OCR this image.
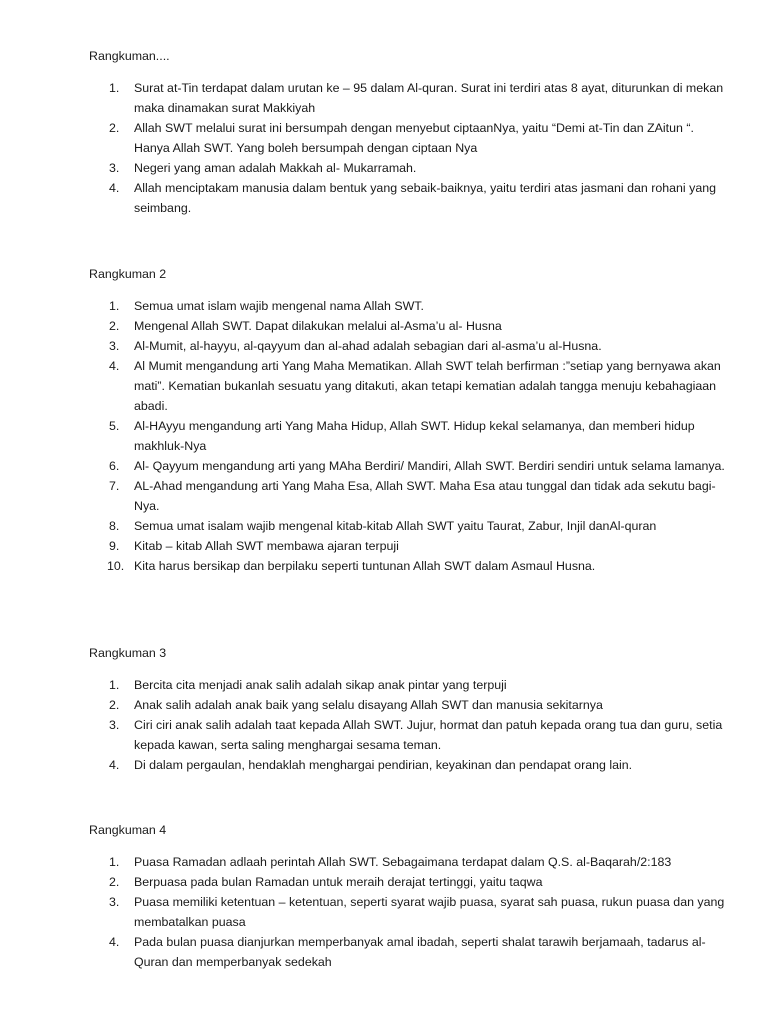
Rangkuman....
1.	Surat at-Tin terdapat dalam urutan ke – 95 dalam Al-quran. Surat ini terdiri atas 8 ayat, diturunkan di mekan maka dinamakan surat Makkiyah
2.	Allah SWT melalui surat ini bersumpah dengan menyebut ciptaanNya, yaitu “Demi at-Tin dan ZAitun “. Hanya Allah SWT. Yang boleh bersumpah dengan ciptaan Nya
3.	Negeri yang aman adalah Makkah al- Mukarramah.
4.	Allah menciptakam manusia dalam bentuk yang sebaik-baiknya, yaitu terdiri atas jasmani dan rohani yang seimbang.
Rangkuman 2
1.	Semua umat islam wajib mengenal nama Allah SWT.
2.	Mengenal Allah SWT. Dapat dilakukan melalui al-Asma’u al- Husna
3.	Al-Mumit, al-hayyu, al-qayyum dan al-ahad adalah sebagian dari al-asma’u al-Husna.
4.	Al Mumit mengandung arti Yang Maha Mematikan. Allah SWT telah berfirman :”setiap yang bernyawa akan mati”. Kematian bukanlah sesuatu yang ditakuti, akan tetapi kematian adalah tangga menuju kebahagiaan abadi.
5.	Al-HAyyu mengandung arti Yang Maha Hidup, Allah SWT. Hidup kekal selamanya, dan memberi hidup makhluk-Nya
6.	Al- Qayyum mengandung arti yang MAha Berdiri/ Mandiri, Allah SWT. Berdiri sendiri untuk selama lamanya.
7.	AL-Ahad mengandung arti Yang Maha Esa, Allah SWT. Maha Esa atau tunggal dan tidak ada sekutu bagi-Nya.
8.	Semua umat isalam wajib mengenal kitab-kitab Allah SWT yaitu Taurat, Zabur, Injil danAl-quran
9.	Kitab – kitab Allah SWT membawa ajaran terpuji
10. Kita harus bersikap dan berpilaku seperti tuntunan Allah SWT dalam Asmaul Husna.
Rangkuman 3
1.	Bercita cita menjadi anak salih adalah sikap anak pintar yang terpuji
2.	Anak salih adalah anak baik yang selalu disayang Allah SWT dan manusia sekitarnya
3.	Ciri ciri anak salih adalah taat kepada Allah SWT. Jujur, hormat dan patuh kepada orang tua dan guru, setia kepada kawan, serta saling menghargai sesama teman.
4.	Di dalam pergaulan, hendaklah menghargai pendirian, keyakinan dan pendapat orang lain.
Rangkuman 4
1.	Puasa Ramadan adlaah perintah Allah SWT. Sebagaimana terdapat dalam Q.S. al-Baqarah/2:183
2.	Berpuasa pada bulan Ramadan untuk meraih derajat tertinggi, yaitu taqwa
3.	Puasa memiliki ketentuan – ketentuan, seperti syarat wajib puasa, syarat sah puasa, rukun puasa dan yang membatalkan puasa
4.	Pada bulan puasa dianjurkan memperbanyak amal ibadah, seperti shalat tarawih berjamaah, tadarus al-Quran dan memperbanyak sedekah
